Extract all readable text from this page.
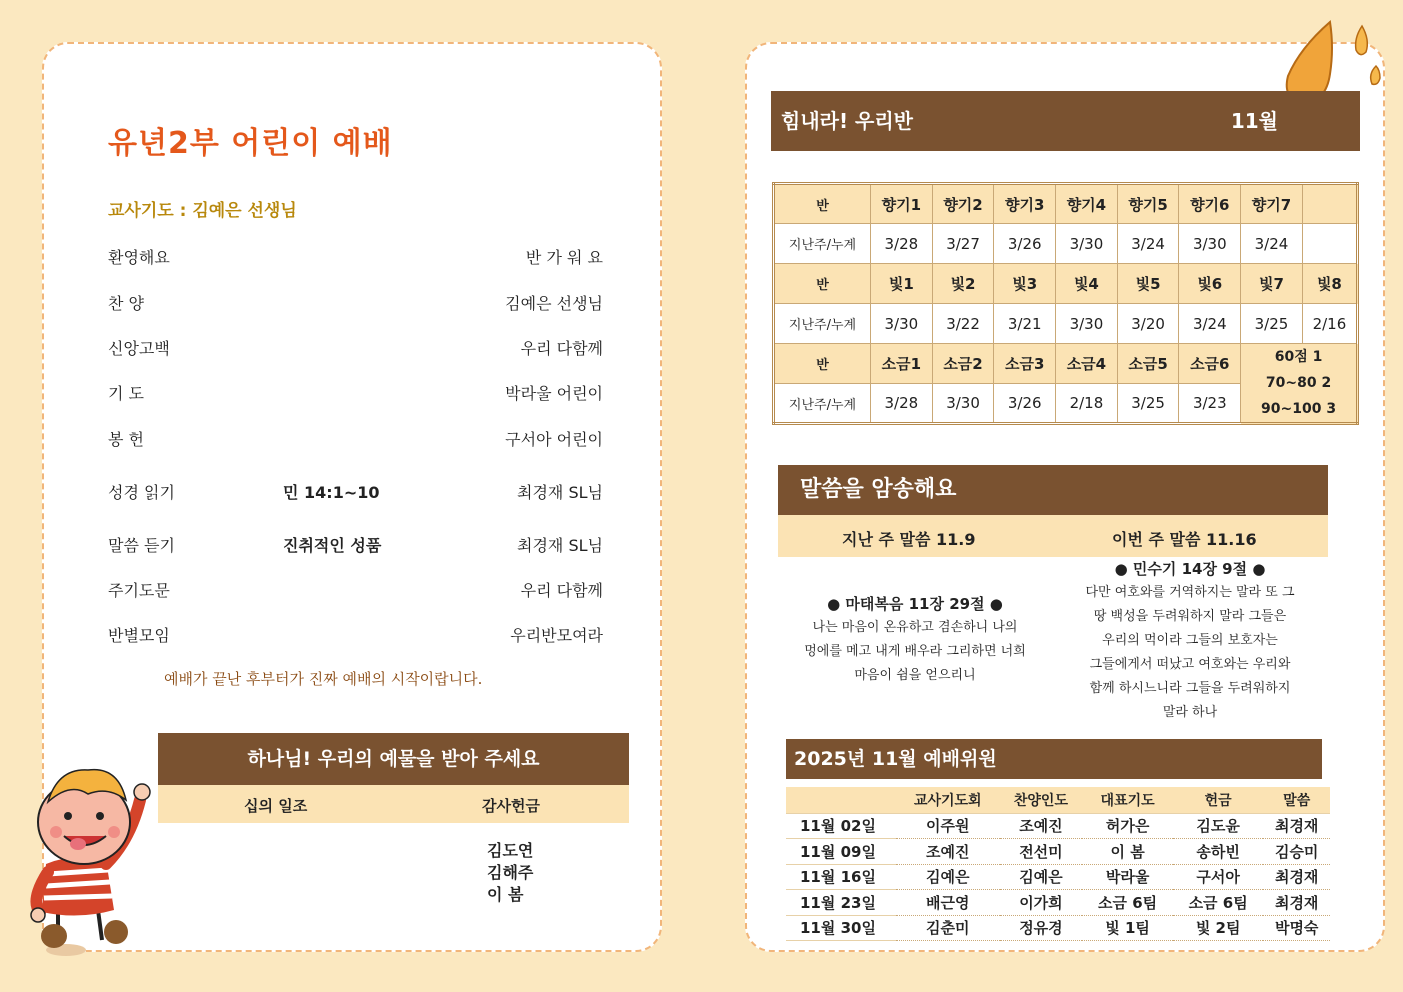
유년2부 어린이 예배
교사기도 : 김예은 선생님
환영해요	반 가 워 요
찬 양	김예은 선생님
신앙고백	우리 다함께
기 도	박라울 어린이
봉 헌	구서아 어린이
성경 읽기	민 14:1~10	최경재 SL님
말씀 듣기	진취적인 성품	최경재 SL님
주기도문	우리 다함께
반별모임	우리반모여라
예배가 끝난 후부터가 진짜 예배의 시작이랍니다.
하나님! 우리의 예물을 받아 주세요
십의 일조	감사헌금
김도연
김해주
이 봄
힘내라! 우리반	11월
반	향기1	향기2	향기3	향기4	향기5	향기6	향기7	
지난주/누계	3/28	3/27	3/26	3/30	3/24	3/30	3/24	
반	빛1	빛2	빛3	빛4	빛5	빛6	빛7	빛8
지난주/누계	3/30	3/22	3/21	3/30	3/20	3/24	3/25	2/16
반	소금1	소금2	소금3	소금4	소금5	소금6	60점 1
70~80 2
90~100 3	

지난주/누계	3/28	3/30	3/26	2/18	3/25	3/23		
말씀을 암송해요
지난 주 말씀 11.9	이번 주 말씀 11.16
● 마태복음 11장 29절 ●
나는 마음이 온유하고 겸손하니 나의
멍에를 메고 내게 배우라 그리하면 너희
마음이 쉼을 얻으리니
● 민수기 14장 9절 ●
다만 여호와를 거역하지는 말라 또 그
땅 백성을 두려워하지 말라 그들은
우리의 먹이라 그들의 보호자는
그들에게서 떠났고 여호와는 우리와
함께 하시느니라 그들을 두려워하지
말라 하나
2025년 11월 예배위원
	교사기도회	찬양인도	대표기도	헌금	말씀
11월 02일	이주원	조예진	허가은	김도윤	최경재
11월 09일	조예진	전선미	이 봄	송하빈	김승미
11월 16일	김예은	김예은	박라울	구서아	최경재
11월 23일	배근영	이가희	소금 6팀	소금 6팀	최경재
11월 30일	김춘미	정유경	빛 1팀	빛 2팀	박명숙
